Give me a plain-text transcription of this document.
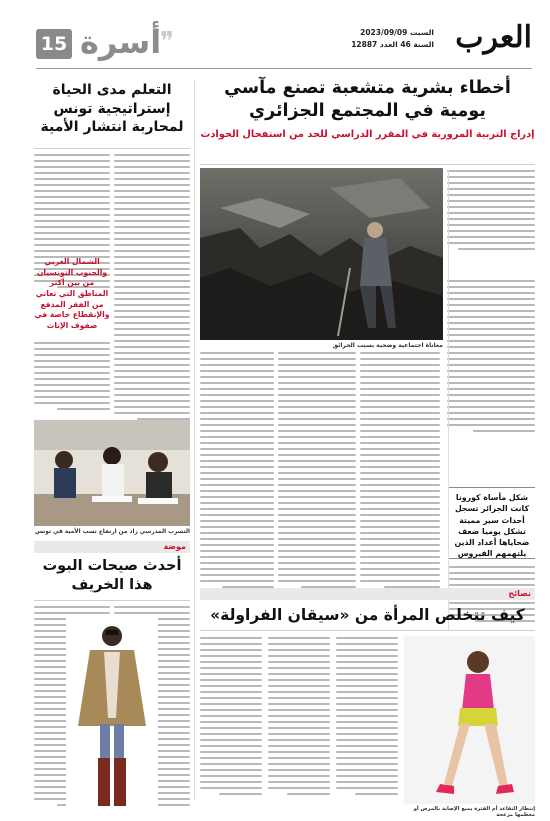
العرب
السبت 2023/09/09
السنة 46 العدد 12887
❞
أسرة
15
أخطاء بشرية متشعبة تصنع مآسي
يومية في المجتمع الجزائري
إدراج التربية المرورية في المقرر الدراسي للحد من استفحال الحوادث
معاناة اجتماعية وضحية بسبب الحرائق
شكل مأساة كورونا كانت الجزائر تسجل أحداث سير مميتة تشكل يوميا ضعف ضحاياها أعداد الذين يلتهمهم الفيروس
التعلم مدى الحياة
إستراتيجية تونس
لمحاربة انتشار الأمية
الشمال الغربي والجنوب التونسيان من بين أكثر المناطق التي تعاني من الفقر المدقع والإنقطاع خاصة في صفوف الإناث
التسرب المدرسي زاد من ارتفاع نسب الأمية في تونس
موضة
أحدث صيحات البوت
هذا الخريف
نصائح
كيف تتخلص المرأة من «سيقان الفراولة»
إنتظار التقاعد أم الفترة يمنع الإصابة بالمرض أو معظمها مزعجة
